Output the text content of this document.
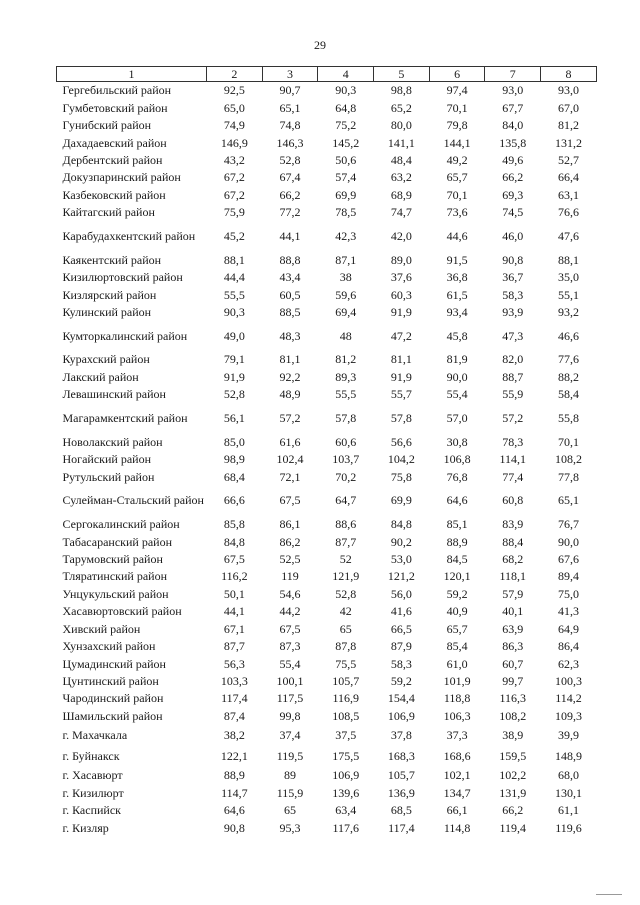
29
1	2	3	4	5	6	7	8
Гергебильский район	92,5	90,7	90,3	98,8	97,4	93,0	93,0
Гумбетовский район	65,0	65,1	64,8	65,2	70,1	67,7	67,0
Гунибский район	74,9	74,8	75,2	80,0	79,8	84,0	81,2
Дахадаевский район	146,9	146,3	145,2	141,1	144,1	135,8	131,2
Дербентский район	43,2	52,8	50,6	48,4	49,2	49,6	52,7
Докузпаринский район	67,2	67,4	57,4	63,2	65,7	66,2	66,4
Казбековский район	67,2	66,2	69,9	68,9	70,1	69,3	63,1
Кайтагский район	75,9	77,2	78,5	74,7	73,6	74,5	76,6
Карабудахкентский район	45,2	44,1	42,3	42,0	44,6	46,0	47,6
Каякентский район	88,1	88,8	87,1	89,0	91,5	90,8	88,1
Кизилюртовский район	44,4	43,4	38	37,6	36,8	36,7	35,0
Кизлярский район	55,5	60,5	59,6	60,3	61,5	58,3	55,1
Кулинский район	90,3	88,5	69,4	91,9	93,4	93,9	93,2
Кумторкалинский район	49,0	48,3	48	47,2	45,8	47,3	46,6
Курахский район	79,1	81,1	81,2	81,1	81,9	82,0	77,6
Лакский район	91,9	92,2	89,3	91,9	90,0	88,7	88,2
Левашинский район	52,8	48,9	55,5	55,7	55,4	55,9	58,4
Магарамкентский район	56,1	57,2	57,8	57,8	57,0	57,2	55,8
Новолакский район	85,0	61,6	60,6	56,6	30,8	78,3	70,1
Ногайский район	98,9	102,4	103,7	104,2	106,8	114,1	108,2
Рутульский район	68,4	72,1	70,2	75,8	76,8	77,4	77,8
Сулейман-Стальский район	66,6	67,5	64,7	69,9	64,6	60,8	65,1
Сергокалинский район	85,8	86,1	88,6	84,8	85,1	83,9	76,7
Табасаранский район	84,8	86,2	87,7	90,2	88,9	88,4	90,0
Тарумовский район	67,5	52,5	52	53,0	84,5	68,2	67,6
Тляратинский район	116,2	119	121,9	121,2	120,1	118,1	89,4
Унцукульский район	50,1	54,6	52,8	56,0	59,2	57,9	75,0
Хасавюртовский район	44,1	44,2	42	41,6	40,9	40,1	41,3
Хивский район	67,1	67,5	65	66,5	65,7	63,9	64,9
Хунзахский район	87,7	87,3	87,8	87,9	85,4	86,3	86,4
Цумадинский район	56,3	55,4	75,5	58,3	61,0	60,7	62,3
Цунтинский район	103,3	100,1	105,7	59,2	101,9	99,7	100,3
Чародинский район	117,4	117,5	116,9	154,4	118,8	116,3	114,2
Шамильский район	87,4	99,8	108,5	106,9	106,3	108,2	109,3
г. Махачкала	38,2	37,4	37,5	37,8	37,3	38,9	39,9
г. Буйнакск	122,1	119,5	175,5	168,3	168,6	159,5	148,9
г. Хасавюрт	88,9	89	106,9	105,7	102,1	102,2	68,0
г. Кизилюрт	114,7	115,9	139,6	136,9	134,7	131,9	130,1
г. Каспийск	64,6	65	63,4	68,5	66,1	66,2	61,1
г. Кизляр	90,8	95,3	117,6	117,4	114,8	119,4	119,6
